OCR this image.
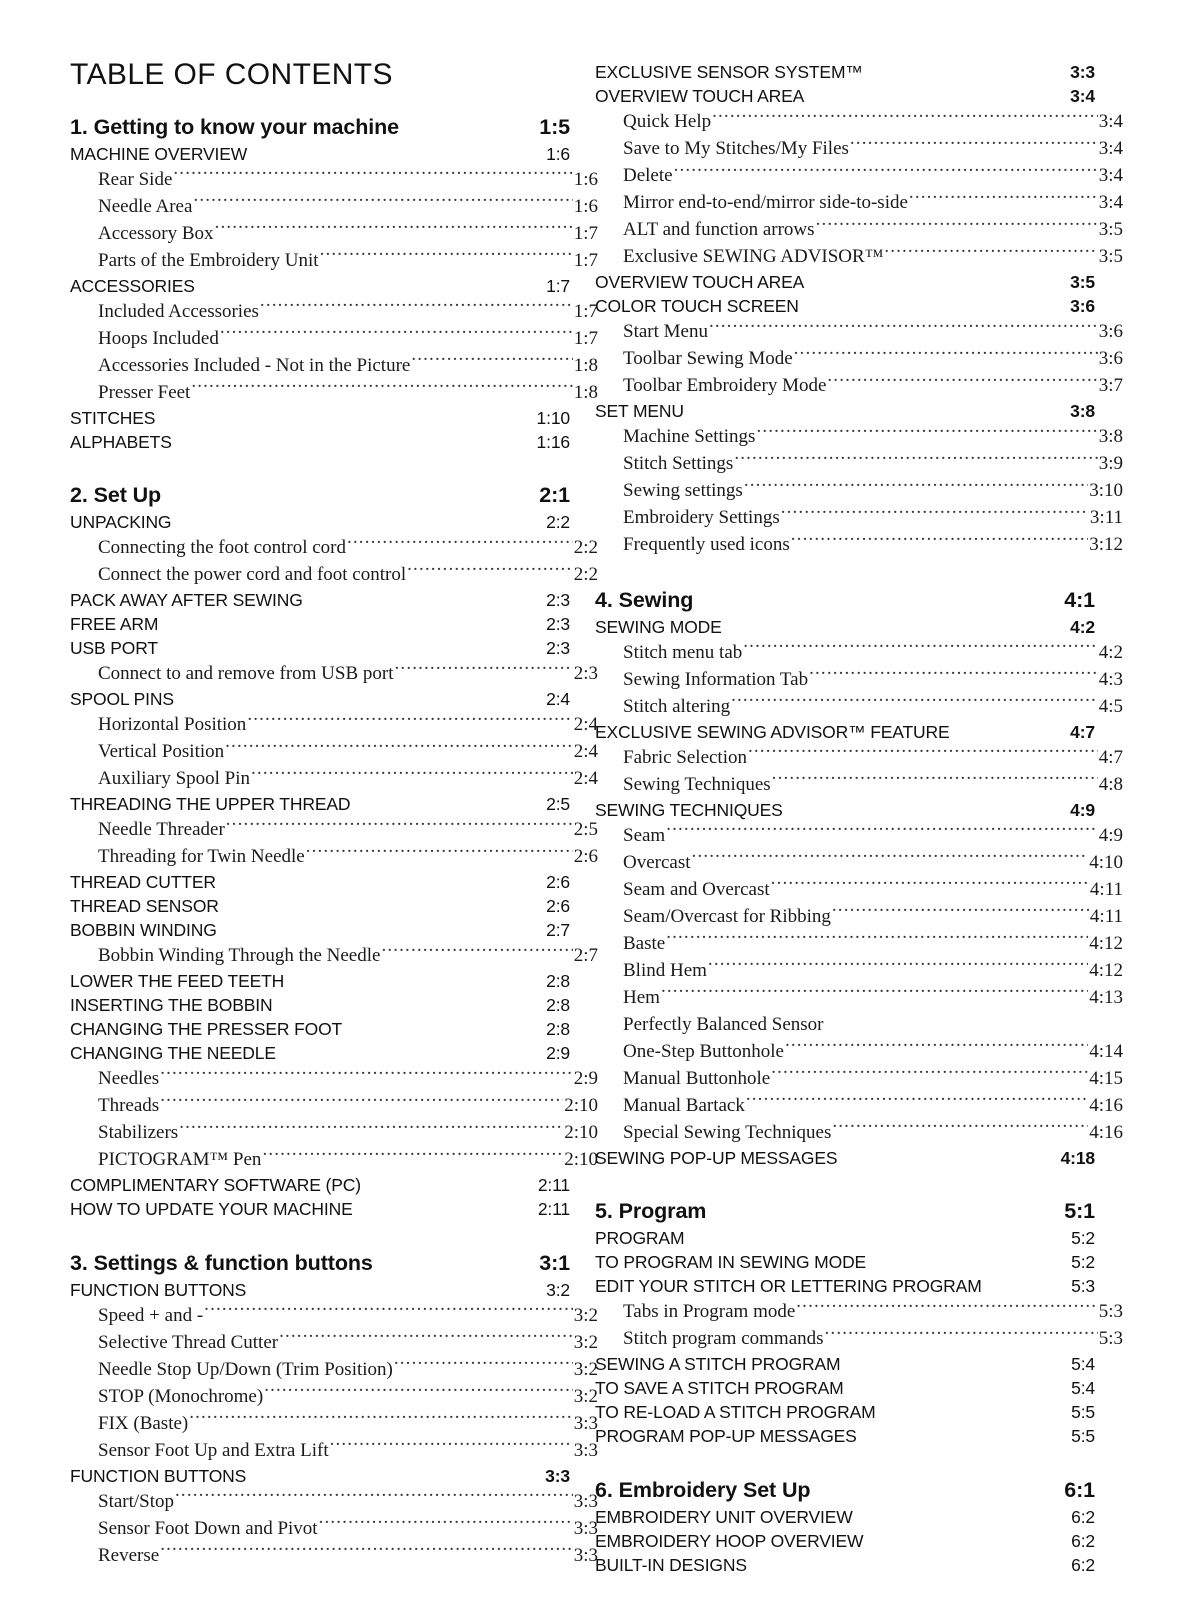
TABLE OF CONTENTS
1. Getting to know your machine	1:5
MACHINE OVERVIEW	1:6
Rear Side .....	1:6
Needle Area .....	1:6
Accessory Box .....	1:7
Parts of the Embroidery Unit .....	1:7
ACCESSORIES	1:7
Included Accessories .....	1:7
Hoops Included .....	1:7
Accessories Included - Not in the Picture .....	1:8
Presser Feet .....	1:8
STITCHES	1:10
ALPHABETS	1:16
2. Set Up	2:1
UNPACKING	2:2
Connecting the foot control cord .....	2:2
Connect the power cord and foot control .....	2:2
PACK AWAY AFTER SEWING	2:3
FREE ARM	2:3
USB PORT	2:3
Connect to and remove from USB port .....	2:3
SPOOL PINS	2:4
Horizontal Position .....	2:4
Vertical Position .....	2:4
Auxiliary Spool Pin .....	2:4
THREADING THE UPPER THREAD	2:5
Needle Threader .....	2:5
Threading for Twin Needle .....	2:6
THREAD CUTTER	2:6
THREAD SENSOR	2:6
BOBBIN WINDING	2:7
Bobbin Winding Through the Needle .....	2:7
LOWER THE FEED TEETH	2:8
INSERTING THE BOBBIN	2:8
CHANGING THE PRESSER FOOT	2:8
CHANGING THE NEEDLE	2:9
Needles .....	2:9
Threads .....	2:10
Stabilizers .....	2:10
PICTOGRAM™ Pen .....	2:10
COMPLIMENTARY SOFTWARE (PC)	2:11
HOW TO UPDATE YOUR MACHINE	2:11
3. Settings & function buttons	3:1
FUNCTION BUTTONS	3:2
Speed + and - .....	3:2
Selective Thread Cutter .....	3:2
Needle Stop Up/Down (Trim Position) .....	3:2
STOP (Monochrome) .....	3:2
FIX (Baste) .....	3:3
Sensor Foot Up and Extra Lift .....	3:3
FUNCTION BUTTONS	3:3
Start/Stop .....	3:3
Sensor Foot Down and Pivot .....	3:3
Reverse .....	3:3
EXCLUSIVE SENSOR SYSTEM™	3:3
OVERVIEW TOUCH AREA	3:4
Quick Help .....	3:4
Save to My Stitches/My Files .....	3:4
Delete .....	3:4
Mirror end-to-end/mirror side-to-side .....	3:4
ALT and function arrows .....	3:5
Exclusive SEWING ADVISOR™ .....	3:5
OVERVIEW TOUCH AREA	3:5
COLOR TOUCH SCREEN	3:6
Start Menu .....	3:6
Toolbar Sewing Mode .....	3:6
Toolbar Embroidery Mode .....	3:7
SET MENU	3:8
Machine Settings .....	3:8
Stitch Settings .....	3:9
Sewing settings .....	3:10
Embroidery Settings .....	3:11
Frequently used icons .....	3:12
4. Sewing	4:1
SEWING MODE	4:2
Stitch menu tab .....	4:2
Sewing Information Tab .....	4:3
Stitch altering .....	4:5
EXCLUSIVE SEWING ADVISOR™ FEATURE	4:7
Fabric Selection .....	4:7
Sewing Techniques .....	4:8
SEWING TECHNIQUES	4:9
Seam .....	4:9
Overcast .....	4:10
Seam and Overcast .....	4:11
Seam/Overcast for Ribbing .....	4:11
Baste .....	4:12
Blind Hem .....	4:12
Hem .....	4:13
Perfectly Balanced Sensor
One-Step Buttonhole .....	4:14
Manual Buttonhole .....	4:15
Manual Bartack .....	4:16
Special Sewing Techniques .....	4:16
SEWING POP-UP MESSAGES	4:18
5. Program	5:1
PROGRAM	5:2
TO PROGRAM IN SEWING MODE	5:2
EDIT YOUR STITCH OR LETTERING PROGRAM	5:3
Tabs in Program mode .....	5:3
Stitch program commands .....	5:3
SEWING A STITCH PROGRAM	5:4
TO SAVE A STITCH PROGRAM	5:4
TO RE-LOAD A STITCH PROGRAM	5:5
PROGRAM POP-UP MESSAGES	5:5
6. Embroidery Set Up	6:1
EMBROIDERY UNIT OVERVIEW	6:2
EMBROIDERY HOOP OVERVIEW	6:2
BUILT-IN DESIGNS	6:2
